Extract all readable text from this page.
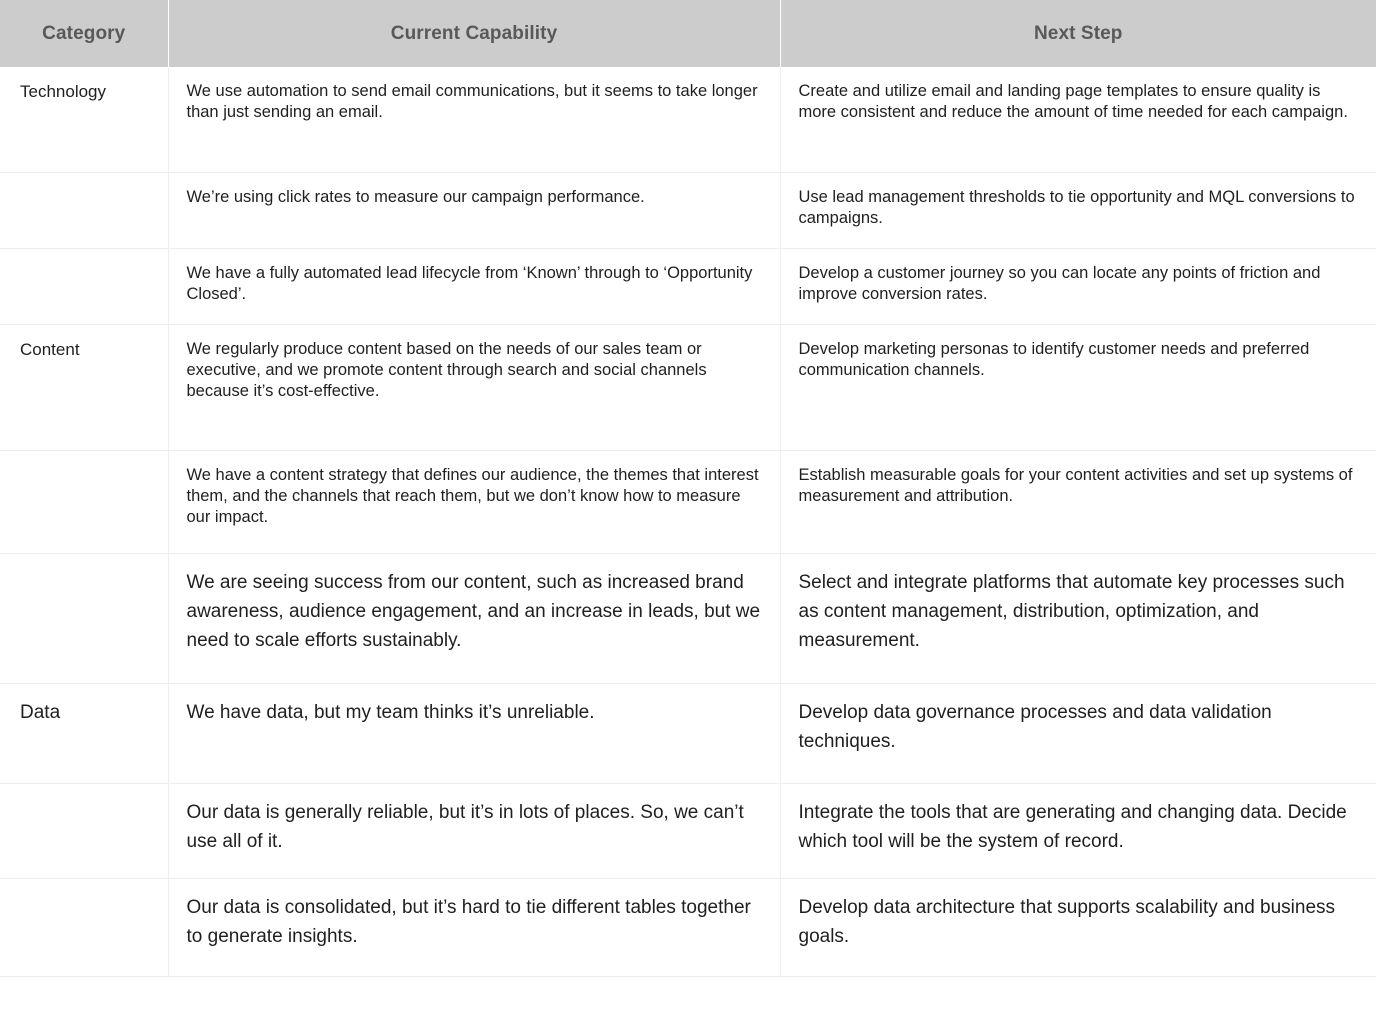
Category	Current Capability	Next Step
Technology	We use automation to send email communications, but it seems to take longer than just sending an email.	Create and utilize email and landing page templates to ensure quality is more consistent and reduce the amount of time needed for each campaign.
	We’re using click rates to measure our campaign performance.	Use lead management thresholds to tie opportunity and MQL conversions to campaigns.
	We have a fully automated lead lifecycle from ‘Known’ through to ‘Opportunity Closed’.	Develop a customer journey so you can locate any points of friction and improve conversion rates.
Content	We regularly produce content based on the needs of our sales team or executive, and we promote content through search and social channels because it’s cost-effective.	Develop marketing personas to identify customer needs and preferred communication channels.
	We have a content strategy that defines our audience, the themes that interest them, and the channels that reach them, but we don’t know how to measure our impact.	Establish measurable goals for your content activities and set up systems of measurement and attribution.
	We are seeing success from our content, such as increased brand awareness, audience engagement, and an increase in leads, but we need to scale efforts sustainably.	Select and integrate platforms that automate key processes such as content management, distribution, optimization, and measurement.
Data	We have data, but my team thinks it’s unreliable.	Develop data governance processes and data validation techniques.
	Our data is generally reliable, but it’s in lots of places. So, we can’t use all of it.	Integrate the tools that are generating and changing data. Decide which tool will be the system of record.
	Our data is consolidated, but it’s hard to tie different tables together to generate insights.	Develop data architecture that supports scalability and business goals.
